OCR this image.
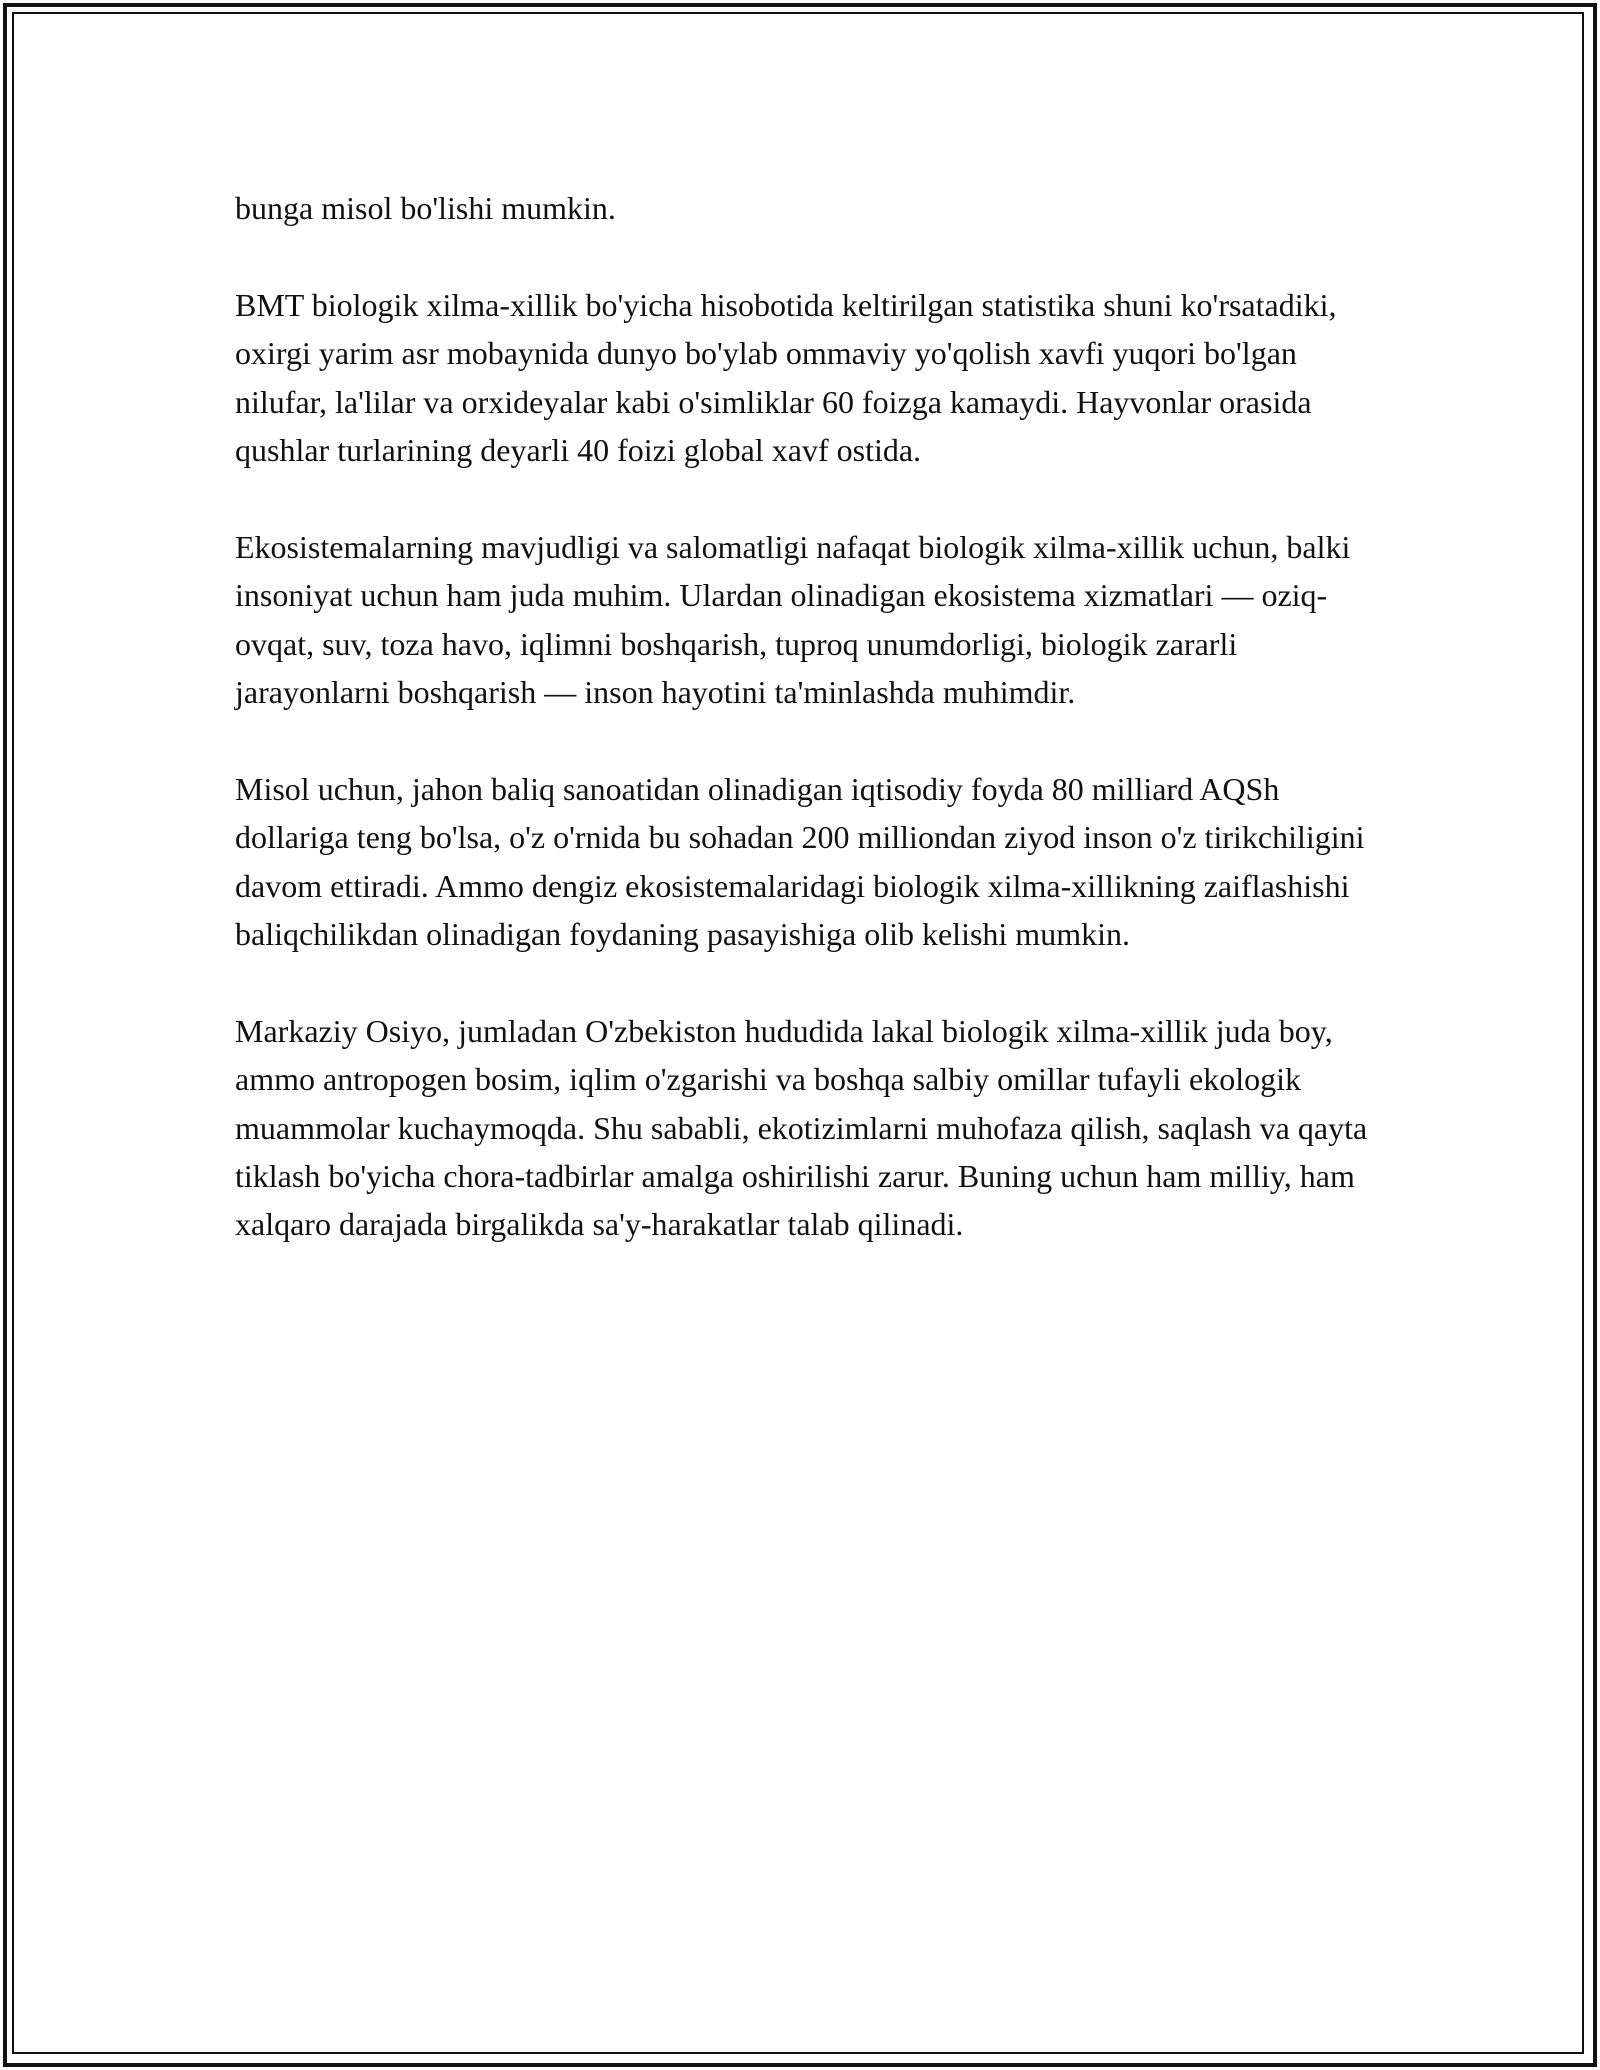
bunga misol bo'lishi mumkin.

BMT biologik xilma-xillik bo'yicha hisobotida keltirilgan statistika shuni ko'rsatadiki, oxirgi yarim asr mobaynida dunyo bo'ylab ommaviy yo'qolish xavfi yuqori bo'lgan nilufar, la'lilar va orxideyalar kabi o'simliklar 60 foizga kamaydi. Hayvonlar orasida qushlar turlarining deyarli 40 foizi global xavf ostida.

Ekosistemalarning mavjudligi va salomatligi nafaqat biologik xilma-xillik uchun, balki insoniyat uchun ham juda muhim. Ulardan olinadigan ekosistema xizmatlari — oziq-ovqat, suv, toza havo, iqlimni boshqarish, tuproq unumdorligi, biologik zararli jarayonlarni boshqarish — inson hayotini ta'minlashda muhimdir.

Misol uchun, jahon baliq sanoatidan olinadigan iqtisodiy foyda 80 milliard AQSh dollariga teng bo'lsa, o'z o'rnida bu sohadan 200 milliondan ziyod inson o'z tirikchiligini davom ettiradi. Ammo dengiz ekosistemalaridagi biologik xilma-xillikning zaiflashishi baliqchilikdan olinadigan foydaning pasayishiga olib kelishi mumkin.

Markaziy Osiyo, jumladan O'zbekiston hududida lakal biologik xilma-xillik juda boy, ammo antropogen bosim, iqlim o'zgarishi va boshqa salbiy omillar tufayli ekologik muammolar kuchaymoqda. Shu sababli, ekotizimlarni muhofaza qilish, saqlash va qayta tiklash bo'yicha chora-tadbirlar amalga oshirilishi zarur. Buning uchun ham milliy, ham xalqaro darajada birgalikda sa'y-harakatlar talab qilinadi.
